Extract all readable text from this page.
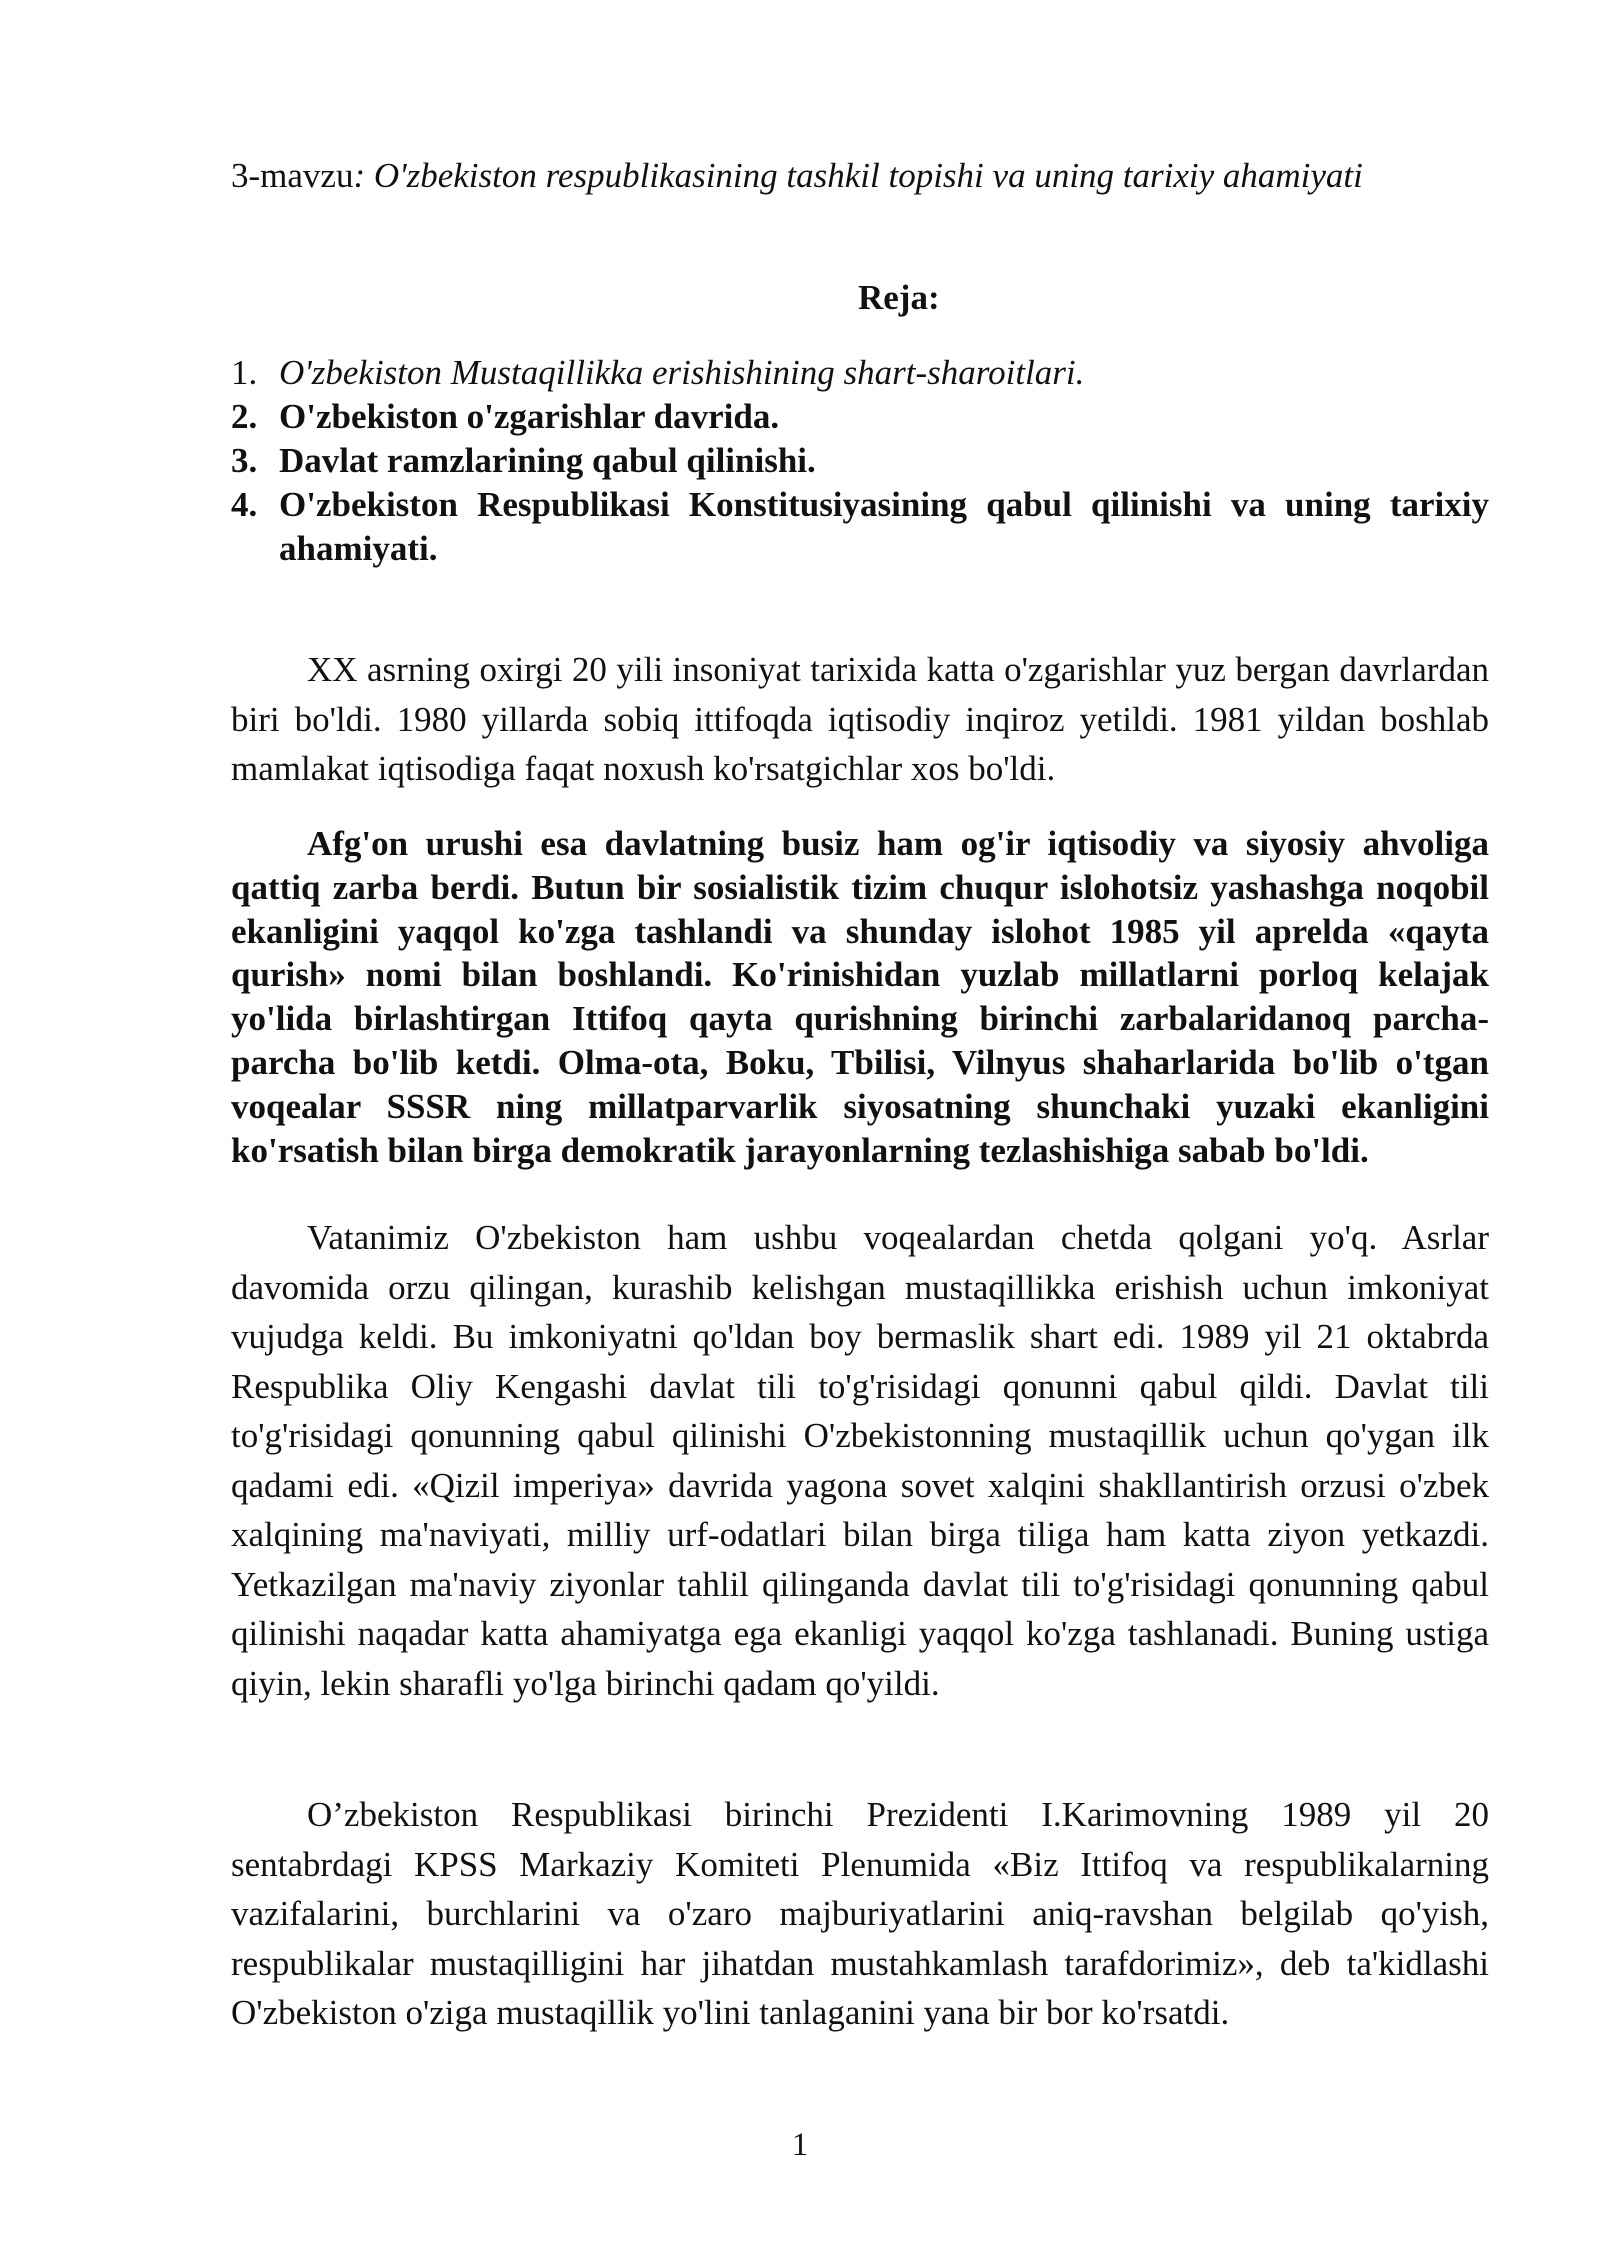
3-mavzu: O'zbekiston respublikasining tashkil topishi va uning tarixiy ahamiyati
Reja:
1. O'zbekiston Mustaqillikka erishishining shart-sharoitlari.
2. O'zbekiston o'zgarishlar davrida.
3. Davlat ramzlarining qabul qilinishi.
4. O'zbekiston Respublikasi Konstitusiyasining qabul qilinishi va uning tarixiy ahamiyati.

XX asrning oxirgi 20 yili insoniyat tarixida katta o'zgarishlar yuz bergan davrlardan biri bo'ldi. 1980 yillarda sobiq ittifoqda iqtisodiy inqiroz yetildi. 1981 yildan boshlab mamlakat iqtisodiga faqat noxush ko'rsatgichlar xos bo'ldi.

Afg'on urushi esa davlatning busiz ham og'ir iqtisodiy va siyosiy ahvoliga qattiq zarba berdi. Butun bir sosialistik tizim chuqur islohotsiz yashashga noqobil ekanligini yaqqol ko'zga tashlandi va shunday islohot 1985 yil aprelda «qayta qurish» nomi bilan boshlandi. Ko'rinishidan yuzlab millatlarni porloq kelajak yo'lida birlashtirgan Ittifoq qayta qurishning birinchi zarbalaridanoq parcha-parcha bo'lib ketdi. Olma-ota, Boku, Tbilisi, Vilnyus shaharlarida bo'lib o'tgan voqealar SSSR ning millatparvarlik siyosatning shunchaki yuzaki ekanligini ko'rsatish bilan birga demokratik jarayonlarning tezlashishiga sabab bo'ldi.

Vatanimiz O'zbekiston ham ushbu voqealardan chetda qolgani yo'q. Asrlar davomida orzu qilingan, kurashib kelishgan mustaqillikka erishish uchun imkoniyat vujudga keldi. Bu imkoniyatni qo'ldan boy bermaslik shart edi. 1989 yil 21 oktabrda Respublika Oliy Kengashi davlat tili to'g'risidagi qonunni qabul qildi. Davlat tili to'g'risidagi qonunning qabul qilinishi O'zbekistonning mustaqillik uchun qo'ygan ilk qadami edi. «Qizil imperiya» davrida yagona sovet xalqini shakllantirish orzusi o'zbek xalqining ma'naviyati, milliy urf-odatlari bilan birga tiliga ham katta ziyon yetkazdi. Yetkazilgan ma'naviy ziyonlar tahlil qilinganda davlat tili to'g'risidagi qonunning qabul qilinishi naqadar katta ahamiyatga ega ekanligi yaqqol ko'zga tashlanadi. Buning ustiga qiyin, lekin sharafli yo'lga birinchi qadam qo'yildi.

O’zbekiston Respublikasi birinchi Prezidenti I.Karimovning 1989 yil 20 sentabrdagi KPSS Markaziy Komiteti Plenumida «Biz Ittifoq va respublikalarning vazifalarini, burchlarini va o'zaro majburiyatlarini aniq-ravshan belgilab qo'yish, respublikalar mustaqilligini har jihatdan mustahkamlash tarafdorimiz», deb ta'kidlashi O'zbekiston o'ziga mustaqillik yo'lini tanlaganini yana bir bor ko'rsatdi.

1
